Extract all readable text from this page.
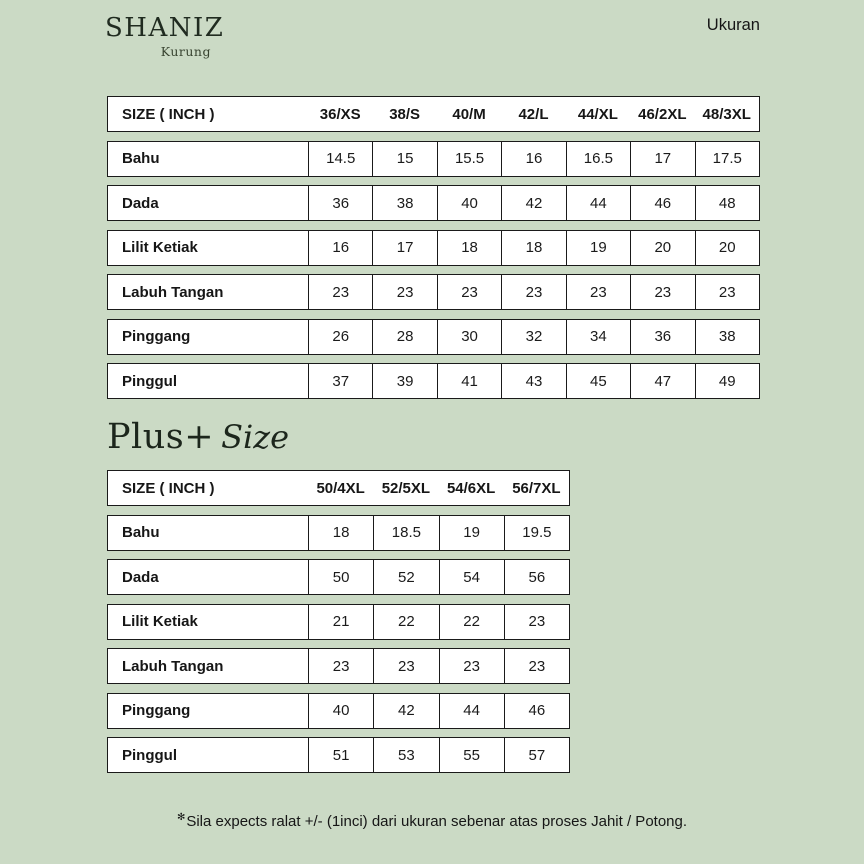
SHANIZ
Kurung
Ukuran
SIZE ( INCH )	36/XS	38/S	40/M	42/L	44/XL	46/2XL	48/3XL
Bahu	14.5	15	15.5	16	16.5	17	17.5
Dada	36	38	40	42	44	46	48
Lilit Ketiak	16	17	18	18	19	20	20
Labuh Tangan	23	23	23	23	23	23	23
Pinggang	26	28	30	32	34	36	38
Pinggul	37	39	41	43	45	47	49
Plus+ Size
SIZE ( INCH )	50/4XL	52/5XL	54/6XL	56/7XL
Bahu	18	18.5	19	19.5
Dada	50	52	54	56
Lilit Ketiak	21	22	22	23
Labuh Tangan	23	23	23	23
Pinggang	40	42	44	46
Pinggul	51	53	55	57
✻Sila expects ralat +/- (1inci) dari ukuran sebenar atas proses Jahit / Potong.
